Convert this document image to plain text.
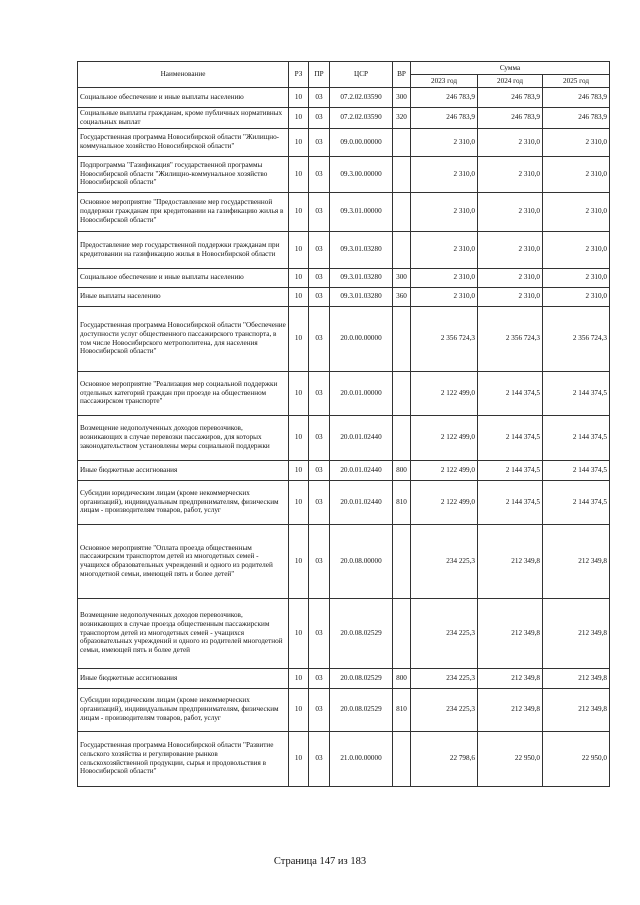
Наименование	РЗ	ПР	ЦСР	ВР	Сумма		
					2023 год	2024 год	2025 год
Социальное обеспечение и иные выплаты населению	10	03	07.2.02.03590	300	246 783,9	246 783,9	246 783,9
Социальные выплаты гражданам, кроме публичных нормативных социальных выплат	10	03	07.2.02.03590	320	246 783,9	246 783,9	246 783,9
Государственная программа Новосибирской области "Жилищно-коммунальное хозяйство Новосибирской области"	10	03	09.0.00.00000		2 310,0	2 310,0	2 310,0
Подпрограмма "Газификация" государственной программы Новосибирской области "Жилищно-коммунальное хозяйство Новосибирской области"	10	03	09.3.00.00000		2 310,0	2 310,0	2 310,0
Основное мероприятие "Предоставление мер государственной поддержки гражданам при кредитовании на газификацию жилья в Новосибирской области"	10	03	09.3.01.00000		2 310,0	2 310,0	2 310,0
Предоставление мер государственной поддержки гражданам при кредитовании на газификацию жилья в Новосибирской области	10	03	09.3.01.03280		2 310,0	2 310,0	2 310,0
Социальное обеспечение и иные выплаты населению	10	03	09.3.01.03280	300	2 310,0	2 310,0	2 310,0
Иные выплаты населению	10	03	09.3.01.03280	360	2 310,0	2 310,0	2 310,0
Государственная программа Новосибирской области "Обеспечение доступности услуг общественного пассажирского транспорта, в том числе Новосибирского метрополитена, для населения Новосибирской области"	10	03	20.0.00.00000		2 356 724,3	2 356 724,3	2 356 724,3
Основное мероприятие "Реализация мер социальной поддержки отдельных категорий граждан при проезде на общественном пассажирском транспорте"	10	03	20.0.01.00000		2 122 499,0	2 144 374,5	2 144 374,5
Возмещение недополученных доходов перевозчиков, возникающих в случае перевозки пассажиров, для которых законодательством установлены меры социальной поддержки	10	03	20.0.01.02440		2 122 499,0	2 144 374,5	2 144 374,5
Иные бюджетные ассигнования	10	03	20.0.01.02440	800	2 122 499,0	2 144 374,5	2 144 374,5
Субсидии юридическим лицам (кроме некоммерческих организаций), индивидуальным предпринимателям, физическим лицам - производителям товаров, работ, услуг	10	03	20.0.01.02440	810	2 122 499,0	2 144 374,5	2 144 374,5
Основное мероприятие "Оплата проезда общественным пассажирским транспортом детей из многодетных семей - учащихся образовательных учреждений и одного из родителей многодетной семьи, имеющей пять и более детей"	10	03	20.0.08.00000		234 225,3	212 349,8	212 349,8
Возмещение недополученных доходов перевозчиков, возникающих в случае проезда общественным пассажирским транспортом детей из многодетных семей - учащихся образовательных учреждений и одного из родителей многодетной семьи, имеющей пять и более детей	10	03	20.0.08.02529		234 225,3	212 349,8	212 349,8
Иные бюджетные ассигнования	10	03	20.0.08.02529	800	234 225,3	212 349,8	212 349,8
Субсидии юридическим лицам (кроме некоммерческих организаций), индивидуальным предпринимателям, физическим лицам - производителям товаров, работ, услуг	10	03	20.0.08.02529	810	234 225,3	212 349,8	212 349,8
Государственная программа Новосибирской области "Развитие сельского хозяйства и регулирование рынков сельскохозяйственной продукции, сырья и продовольствия в Новосибирской области"	10	03	21.0.00.00000		22 798,6	22 950,0	22 950,0
Страница 147 из 183
